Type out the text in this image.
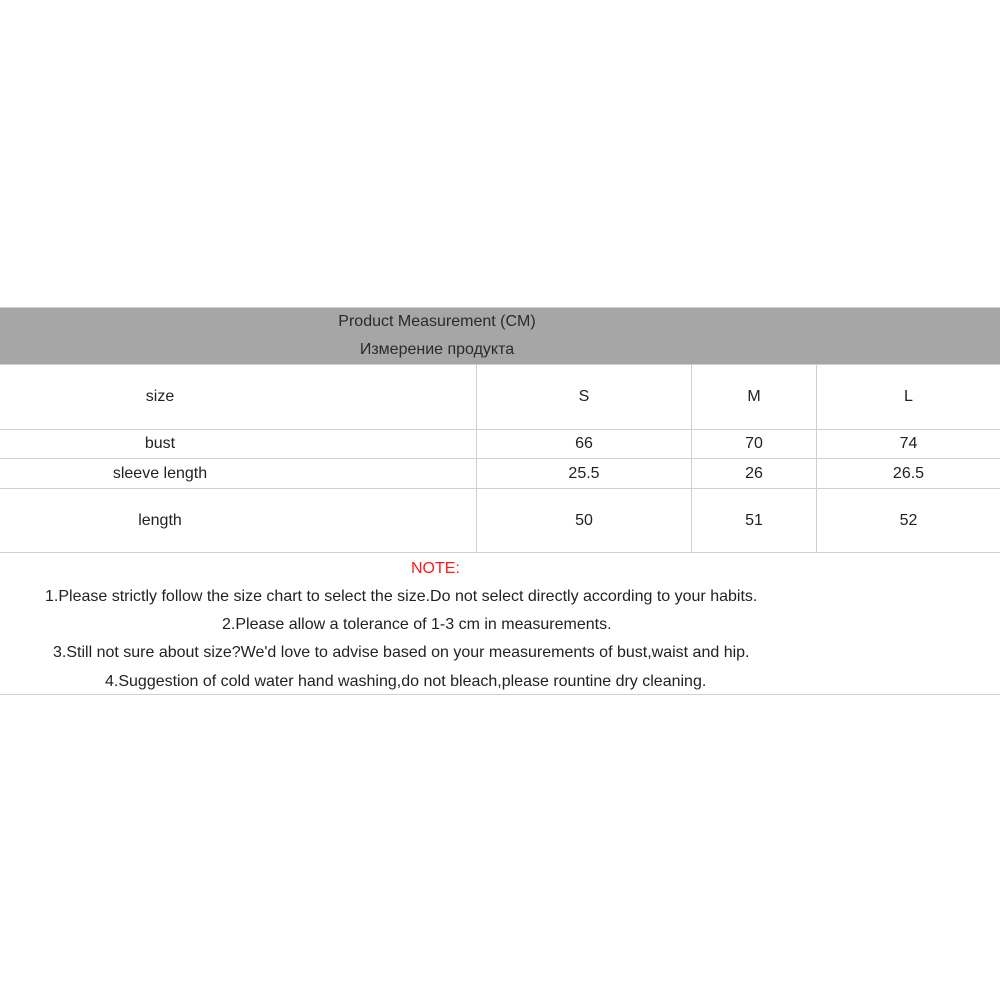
Product Measurement (CM)
Измерение продукта
size	S	M	L
bust	66	70	74
sleeve length	25.5	26	26.5
length	50	51	52
NOTE:
1.Please strictly follow the size chart to select the size.Do not select directly according to your habits.
2.Please allow a tolerance of 1-3 cm in measurements.
3.Still not sure about size?We'd love to advise based on your measurements of bust,waist and hip.
4.Suggestion of cold water hand washing,do not bleach,please rountine dry cleaning.
